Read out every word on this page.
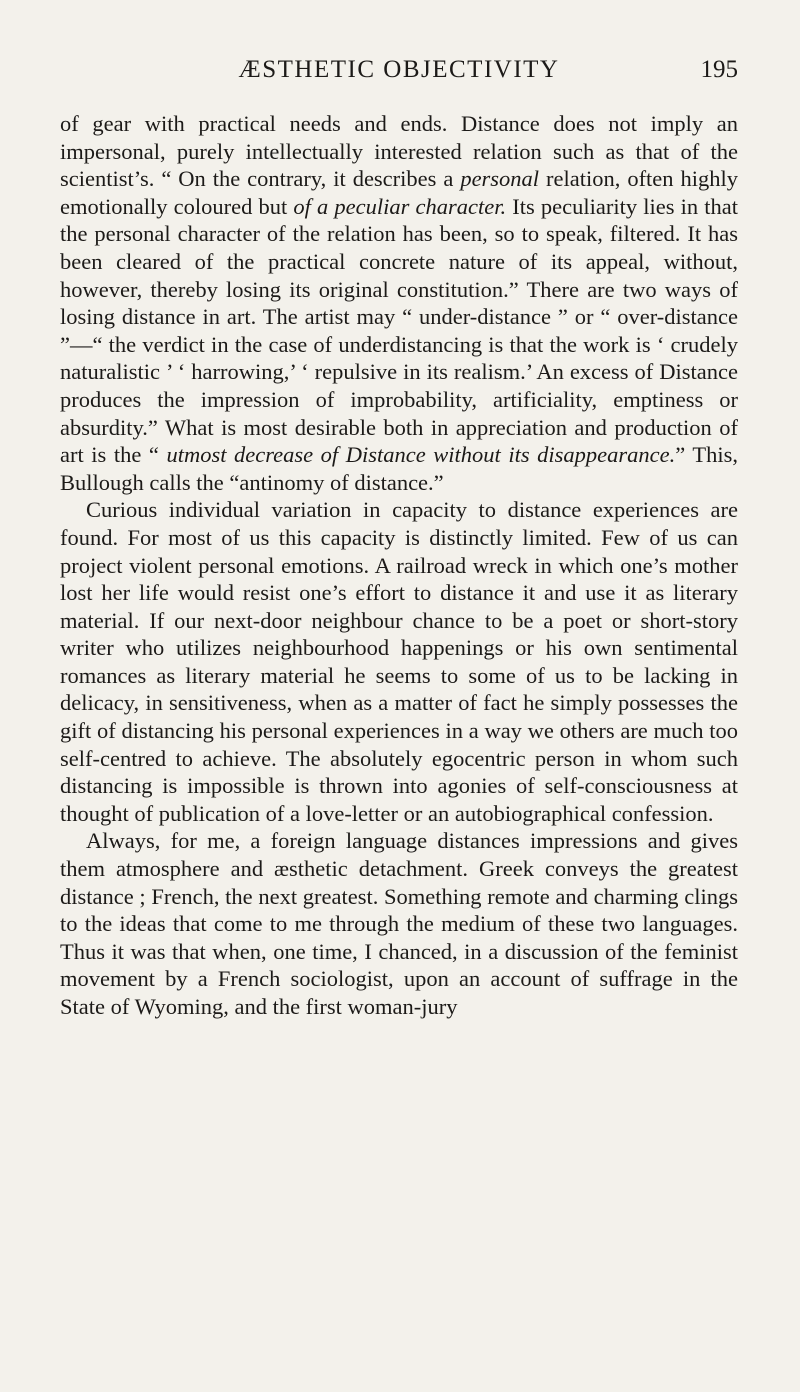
ÆSTHETIC OBJECTIVITY	195

of gear with practical needs and ends. Distance does not imply an impersonal, purely intellectually interested relation such as that of the scientist’s. “ On the contrary, it describes a personal relation, often highly emotionally coloured but of a peculiar character. Its peculiarity lies in that the personal character of the relation has been, so to speak, filtered. It has been cleared of the practical concrete nature of its appeal, without, however, thereby losing its original constitution.” There are two ways of losing distance in art. The artist may “ under-distance ” or “ over-distance ”—“ the verdict in the case of underdistancing is that the work is ‘ crudely naturalistic ’ ‘ harrowing,’ ‘ repulsive in its realism.’ An excess of Distance produces the impression of improbability, artificiality, emptiness or absurdity.” What is most desirable both in appreciation and production of art is the “ utmost decrease of Distance without its disappearance.” This, Bullough calls the “antinomy of distance.”

Curious individual variation in capacity to distance experiences are found. For most of us this capacity is distinctly limited. Few of us can project violent personal emotions. A railroad wreck in which one’s mother lost her life would resist one’s effort to distance it and use it as literary material. If our next-door neighbour chance to be a poet or short-story writer who utilizes neighbourhood happenings or his own sentimental romances as literary material he seems to some of us to be lacking in delicacy, in sensitiveness, when as a matter of fact he simply possesses the gift of distancing his personal experiences in a way we others are much too self-centred to achieve. The absolutely egocentric person in whom such distancing is impossible is thrown into agonies of self-consciousness at thought of publication of a love-letter or an autobiographical confession.

Always, for me, a foreign language distances impressions and gives them atmosphere and æsthetic detachment. Greek conveys the greatest distance ; French, the next greatest. Something remote and charming clings to the ideas that come to me through the medium of these two languages. Thus it was that when, one time, I chanced, in a discussion of the feminist movement by a French sociologist, upon an account of suffrage in the State of Wyoming, and the first woman-jury
